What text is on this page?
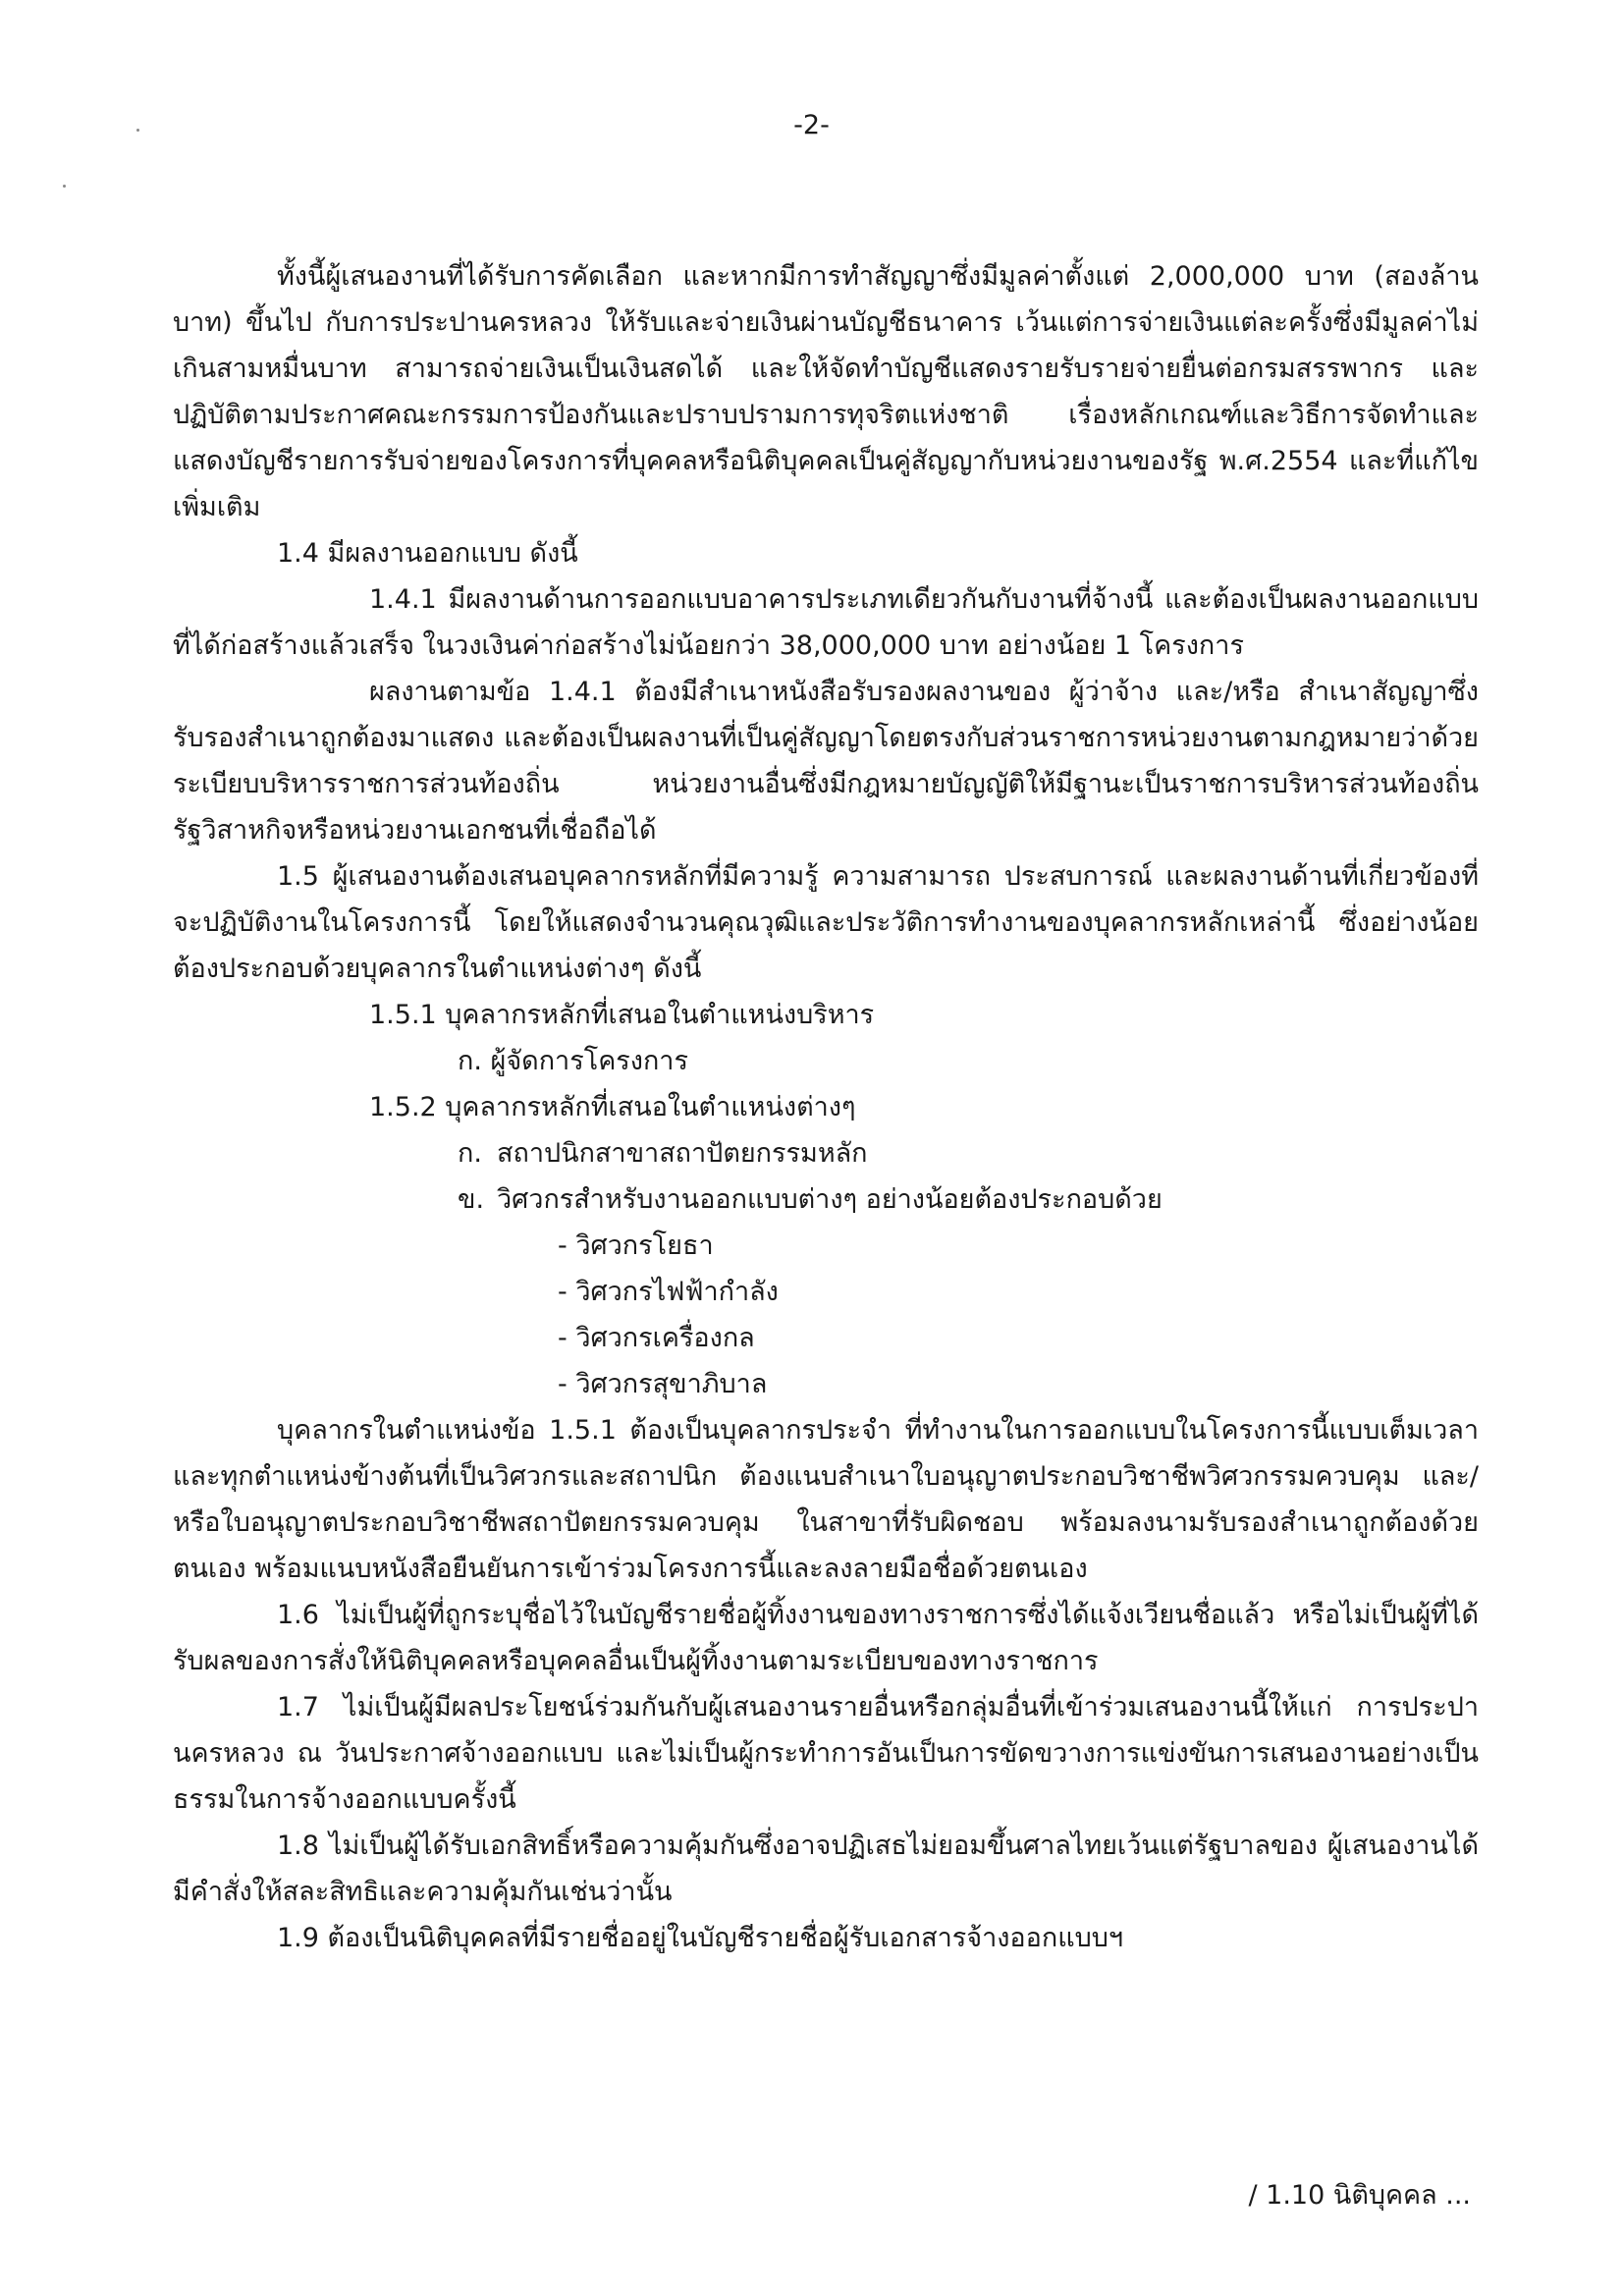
-2-

ทั้งนี้ผู้เสนองานที่ได้รับการคัดเลือก และหากมีการทำสัญญาซึ่งมีมูลค่าตั้งแต่ 2,000,000 บาท (สองล้านบาท) ขึ้นไป กับการประปานครหลวง ให้รับและจ่ายเงินผ่านบัญชีธนาคาร เว้นแต่การจ่ายเงินแต่ละครั้งซึ่งมีมูลค่าไม่เกินสามหมื่นบาท สามารถจ่ายเงินเป็นเงินสดได้ และให้จัดทำบัญชีแสดงรายรับรายจ่ายยื่นต่อกรมสรรพากร และปฏิบัติตามประกาศคณะกรรมการป้องกันและปราบปรามการทุจริตแห่งชาติ เรื่องหลักเกณฑ์และวิธีการจัดทำและแสดงบัญชีรายการรับจ่ายของโครงการที่บุคคลหรือนิติบุคคลเป็นคู่สัญญากับหน่วยงานของรัฐ พ.ศ.2554 และที่แก้ไขเพิ่มเติม

1.4 มีผลงานออกแบบ ดังนี้

1.4.1 มีผลงานด้านการออกแบบอาคารประเภทเดียวกันกับงานที่จ้างนี้ และต้องเป็นผลงานออกแบบที่ได้ก่อสร้างแล้วเสร็จ ในวงเงินค่าก่อสร้างไม่น้อยกว่า 38,000,000 บาท อย่างน้อย 1 โครงการ

ผลงานตามข้อ 1.4.1 ต้องมีสำเนาหนังสือรับรองผลงานของ ผู้ว่าจ้าง และ/หรือ สำเนาสัญญาซึ่งรับรองสำเนาถูกต้องมาแสดง และต้องเป็นผลงานที่เป็นคู่สัญญาโดยตรงกับส่วนราชการหน่วยงานตามกฎหมายว่าด้วยระเบียบบริหารราชการส่วนท้องถิ่น หน่วยงานอื่นซึ่งมีกฎหมายบัญญัติให้มีฐานะเป็นราชการบริหารส่วนท้องถิ่น รัฐวิสาหกิจหรือหน่วยงานเอกชนที่เชื่อถือได้

1.5 ผู้เสนองานต้องเสนอบุคลากรหลักที่มีความรู้ ความสามารถ ประสบการณ์ และผลงานด้านที่เกี่ยวข้องที่จะปฏิบัติงานในโครงการนี้ โดยให้แสดงจำนวนคุณวุฒิและประวัติการทำงานของบุคลากรหลักเหล่านี้ ซึ่งอย่างน้อยต้องประกอบด้วยบุคลากรในตำแหน่งต่างๆ ดังนี้

1.5.1 บุคลากรหลักที่เสนอในตำแหน่งบริหาร

ก. ผู้จัดการโครงการ

1.5.2 บุคลากรหลักที่เสนอในตำแหน่งต่างๆ

ก. สถาปนิกสาขาสถาปัตยกรรมหลัก

ข. วิศวกรสำหรับงานออกแบบต่างๆ อย่างน้อยต้องประกอบด้วย

- วิศวกรโยธา

- วิศวกรไฟฟ้ากำลัง

- วิศวกรเครื่องกล

- วิศวกรสุขาภิบาล

บุคลากรในตำแหน่งข้อ 1.5.1 ต้องเป็นบุคลากรประจำ ที่ทำงานในการออกแบบในโครงการนี้แบบเต็มเวลา และทุกตำแหน่งข้างต้นที่เป็นวิศวกรและสถาปนิก ต้องแนบสำเนาใบอนุญาตประกอบวิชาชีพวิศวกรรมควบคุม และ/หรือใบอนุญาตประกอบวิชาชีพสถาปัตยกรรมควบคุม ในสาขาที่รับผิดชอบ พร้อมลงนามรับรองสำเนาถูกต้องด้วยตนเอง พร้อมแนบหนังสือยืนยันการเข้าร่วมโครงการนี้และลงลายมือชื่อด้วยตนเอง

1.6 ไม่เป็นผู้ที่ถูกระบุชื่อไว้ในบัญชีรายชื่อผู้ทิ้งงานของทางราชการซึ่งได้แจ้งเวียนชื่อแล้ว หรือไม่เป็นผู้ที่ได้รับผลของการสั่งให้นิติบุคคลหรือบุคคลอื่นเป็นผู้ทิ้งงานตามระเบียบของทางราชการ

1.7 ไม่เป็นผู้มีผลประโยชน์ร่วมกันกับผู้เสนองานรายอื่นหรือกลุ่มอื่นที่เข้าร่วมเสนองานนี้ให้แก่ การประปานครหลวง ณ วันประกาศจ้างออกแบบ และไม่เป็นผู้กระทำการอันเป็นการขัดขวางการแข่งขันการเสนองานอย่างเป็นธรรมในการจ้างออกแบบครั้งนี้

1.8 ไม่เป็นผู้ได้รับเอกสิทธิ์หรือความคุ้มกันซึ่งอาจปฏิเสธไม่ยอมขึ้นศาลไทยเว้นแต่รัฐบาลของ ผู้เสนองานได้มีคำสั่งให้สละสิทธิและความคุ้มกันเช่นว่านั้น

1.9 ต้องเป็นนิติบุคคลที่มีรายชื่ออยู่ในบัญชีรายชื่อผู้รับเอกสารจ้างออกแบบฯ

/ 1.10 นิติบุคคล ...
